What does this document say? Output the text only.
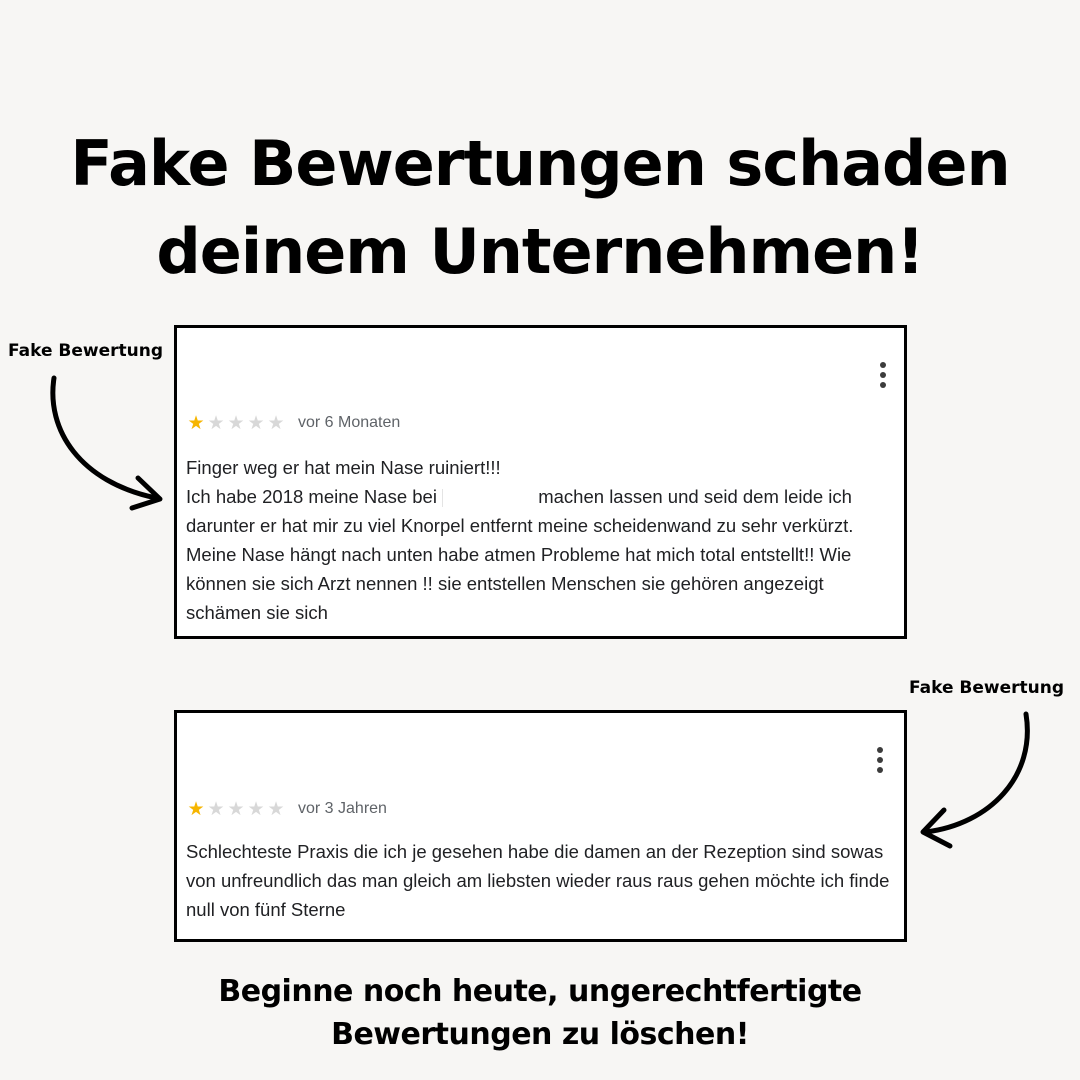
Fake Bewertungen schaden
deinem Unternehmen!
Fake Bewertung
Fake Bewertung
★ ★ ★ ★ ★ vor 6 Monaten

Finger weg er hat mein Nase ruiniert!!!
Ich habe 2018 meine Nase bei	machen lassen und seid dem leide ich darunter er hat mir zu viel Knorpel entfernt meine scheidenwand zu sehr verkürzt. Meine Nase hängt nach unten habe atmen Probleme hat mich total entstellt!! Wie können sie sich Arzt nennen !! sie entstellen Menschen sie gehören angezeigt schämen sie sich

★ ★ ★ ★ ★ vor 3 Jahren

Schlechteste Praxis die ich je gesehen habe die damen an der Rezeption sind sowas von unfreundlich das man gleich am liebsten wieder raus raus gehen möchte ich finde null von fünf Sterne

Beginne noch heute, ungerechtfertigte
Bewertungen zu löschen!
